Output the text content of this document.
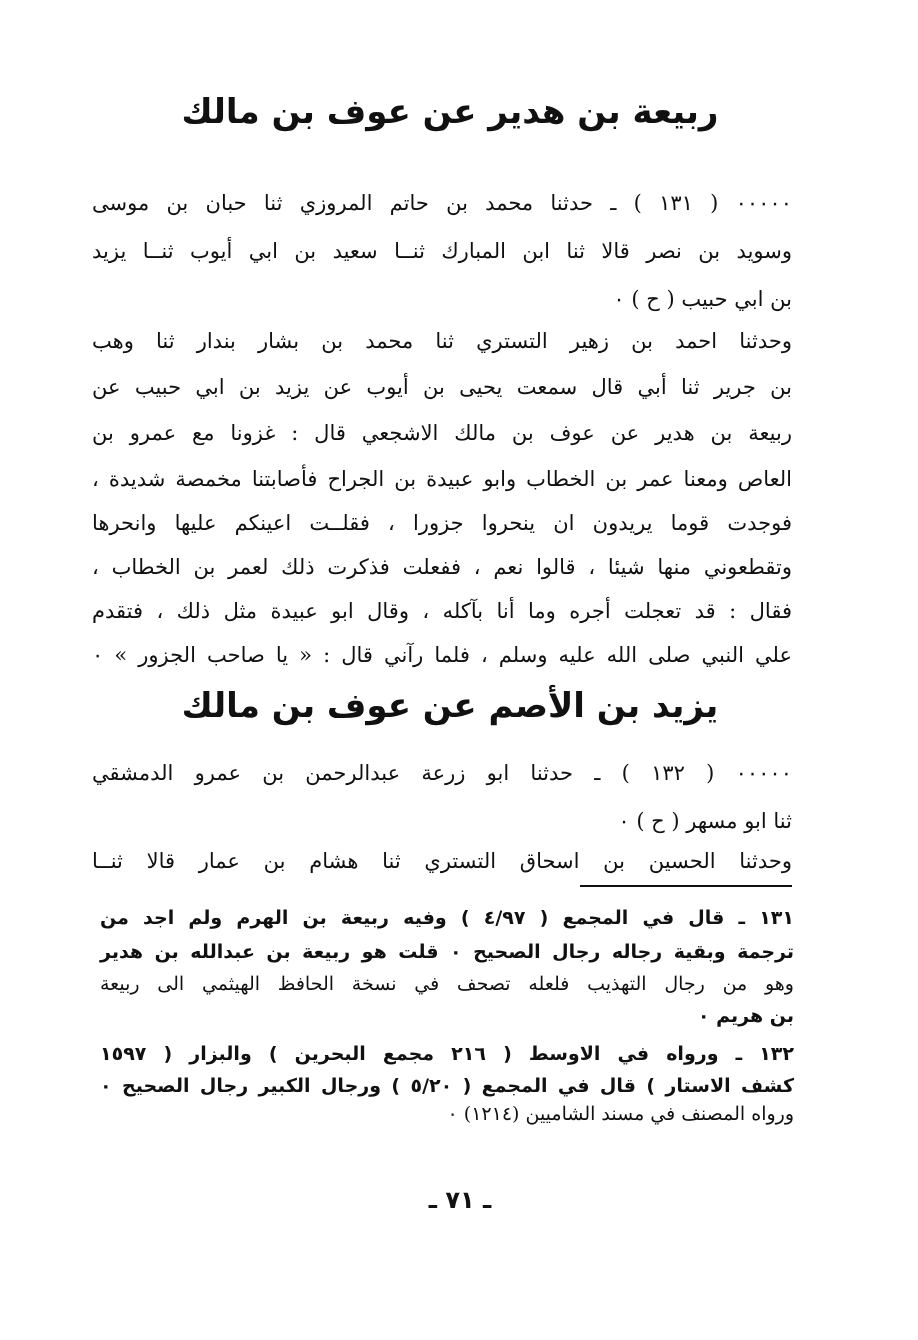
ربيعة بن هدير عن عوف بن مالك
٠٠٠٠٠ ( ١٣١ ) ـ حدثنا محمد بن حاتم المروزي ثنا حبان بن موسى
وسويد بن نصر قالا ثنا ابن المبارك ثنــا سعيد بن ابي أيوب ثنــا يزيد
بن ابي حبيب ( ح ) ٠
وحدثنا احمد بن زهير التستري ثنا محمد بن بشار بندار ثنا وهب
بن جرير ثنا أبي قال سمعت يحيى بن أيوب عن يزيد بن ابي حبيب عن
ربيعة بن هدير عن عوف بن مالك الاشجعي قال : غزونا مع عمرو بن
العاص ومعنا عمر بن الخطاب وابو عبيدة بن الجراح فأصابتنا مخمصة شديدة ،
فوجدت قوما يريدون ان ينحروا جزورا ، فقلــت اعينكم عليها وانحرها
وتقطعوني منها شيئا ، قالوا نعم ، ففعلت فذكرت ذلك لعمر بن الخطاب ،
فقال : قد تعجلت أجره وما أنا بآكله ، وقال ابو عبيدة مثل ذلك ، فتقدم
علي النبي صلى الله عليه وسلم ، فلما رآني قال : « يا صاحب الجزور » ٠
يزيد بن الأصم عن عوف بن مالك
٠٠٠٠٠ ( ١٣٢ ) ـ حدثنا ابو زرعة عبدالرحمن بن عمرو الدمشقي
ثنا ابو مسهر ( ح ) ٠
وحدثنا الحسين بن اسحاق التستري ثنا هشام بن عمار قالا ثنــا
١٣١ ـ قال في المجمع ( ٤/٩٧ ) وفيه ربيعة بن الهرم ولم اجد من
ترجمة وبقية رجاله رجال الصحيح ٠ قلت هو ربيعة بن عبدالله بن هدير
وهو من رجال التهذيب فلعله تصحف في نسخة الحافظ الهيثمي الى ربيعة
بن هريم ٠
١٣٢ ـ ورواه في الاوسط ( ٢١٦ مجمع البحرين ) والبزار ( ١٥٩٧
كشف الاستار ) قال في المجمع ( ٥/٢٠ ) ورجال الكبير رجال الصحيح ٠
ورواه المصنف في مسند الشاميين (١٢١٤) ٠
ـ ٧١ ـ
